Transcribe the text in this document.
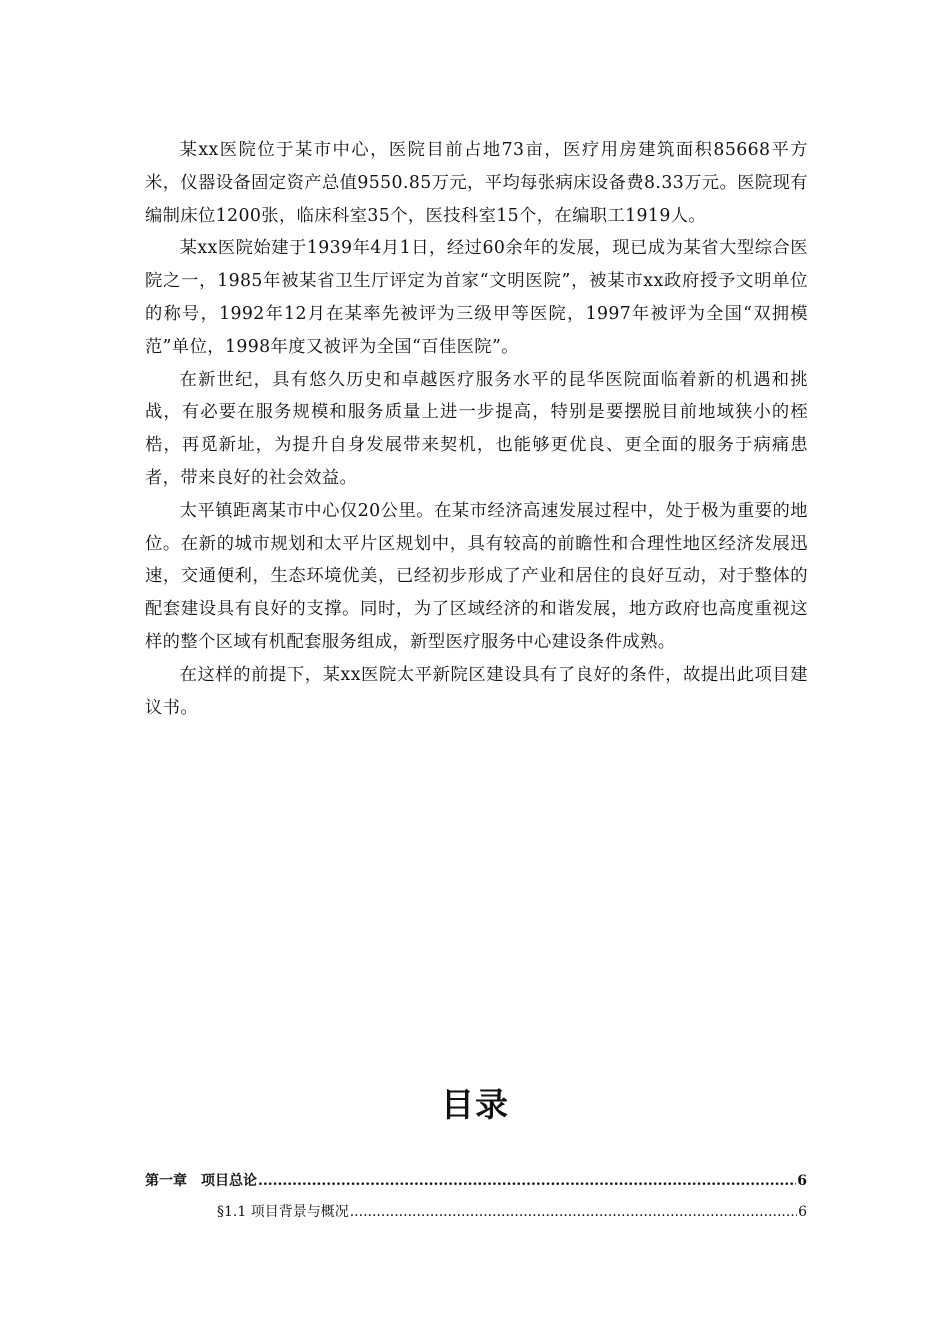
某xx医院位于某市中心，医院目前占地73亩，医疗用房建筑面积85668平方米，仪器设备固定资产总值9550.85万元，平均每张病床设备费8.33万元。医院现有编制床位1200张，临床科室35个，医技科室15个，在编职工1919人。

某xx医院始建于1939年4月1日，经过60余年的发展，现已成为某省大型综合医院之一，1985年被某省卫生厅评定为首家“文明医院”，被某市xx政府授予文明单位的称号，1992年12月在某率先被评为三级甲等医院，1997年被评为全国“双拥模范”单位，1998年度又被评为全国“百佳医院”。

在新世纪，具有悠久历史和卓越医疗服务水平的昆华医院面临着新的机遇和挑战，有必要在服务规模和服务质量上进一步提高，特别是要摆脱目前地域狭小的桎梏，再觅新址，为提升自身发展带来契机，也能够更优良、更全面的服务于病痛患者，带来良好的社会效益。

太平镇距离某市中心仅20公里。在某市经济高速发展过程中，处于极为重要的地位。在新的城市规划和太平片区规划中，具有较高的前瞻性和合理性地区经济发展迅速，交通便利，生态环境优美，已经初步形成了产业和居住的良好互动，对于整体的配套建设具有良好的支撑。同时，为了区域经济的和谐发展，地方政府也高度重视这样的整个区域有机配套服务组成，新型医疗服务中心建设条件成熟。

在这样的前提下，某xx医院太平新院区建设具有了良好的条件，故提出此项目建议书。

目录
第一章　项目总论 .....	6
§1.1 项目背景与概况 .....	6
